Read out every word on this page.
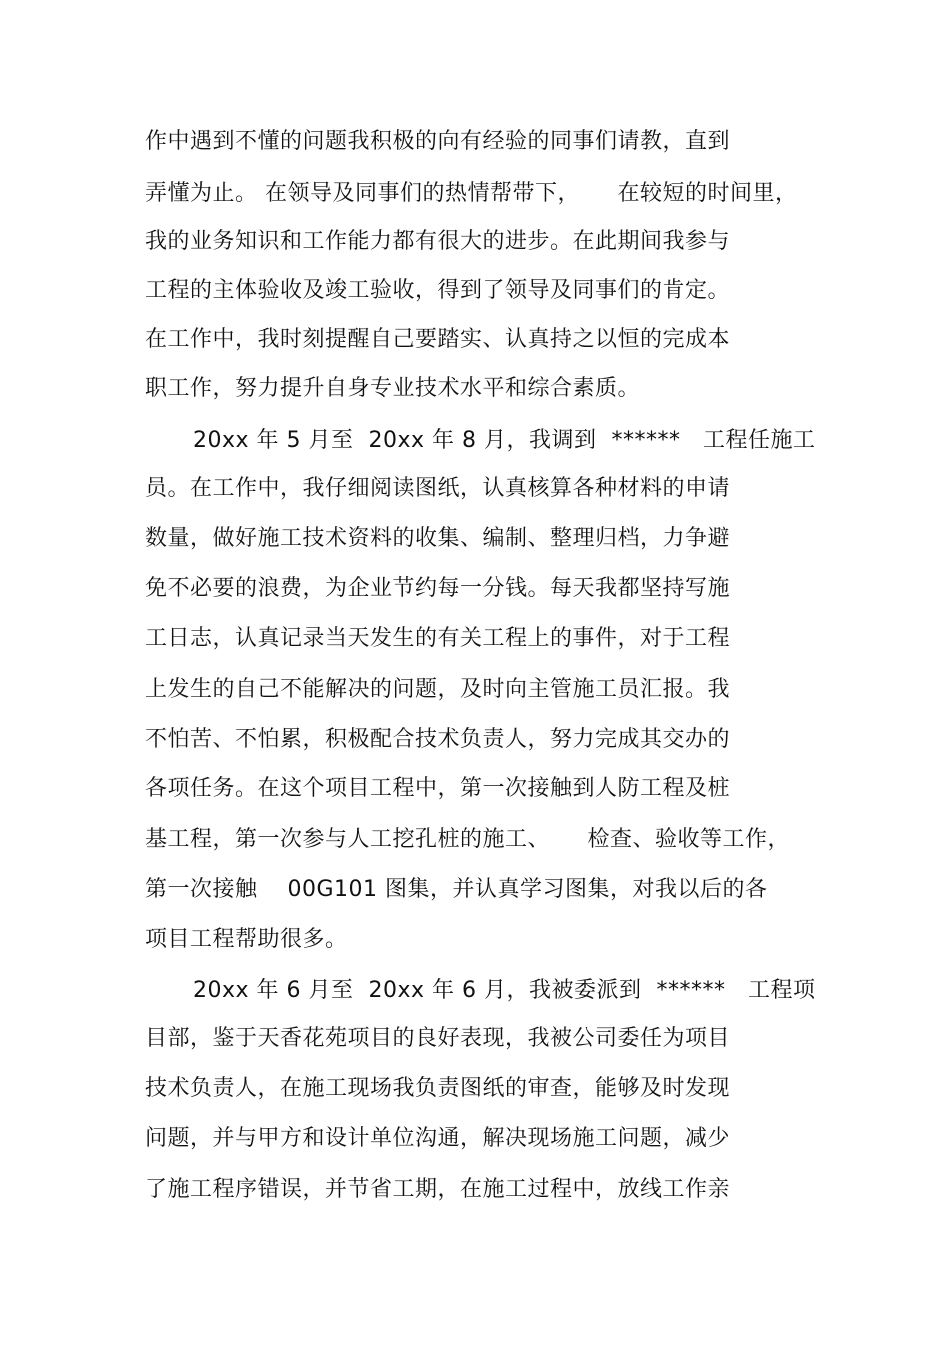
作中遇到不懂的问题我积极的向有经验的同事们请教，直到
弄懂为止。 在领导及同事们的热情帮带下，     在较短的时间里，
我的业务知识和工作能力都有很大的进步。在此期间我参与
工程的主体验收及竣工验收，得到了领导及同事们的肯定。
在工作中，我时刻提醒自己要踏实、认真持之以恒的完成本
职工作，努力提升自身专业技术水平和综合素质。
20xx 年 5 月至  20xx 年 8 月，我调到  ******   工程任施工
员。在工作中，我仔细阅读图纸，认真核算各种材料的申请
数量，做好施工技术资料的收集、编制、整理归档，力争避
免不必要的浪费，为企业节约每一分钱。每天我都坚持写施
工日志，认真记录当天发生的有关工程上的事件，对于工程
上发生的自己不能解决的问题，及时向主管施工员汇报。我
不怕苦、不怕累，积极配合技术负责人，努力完成其交办的
各项任务。在这个项目工程中，第一次接触到人防工程及桩
基工程，第一次参与人工挖孔桩的施工、     检查、验收等工作，
第一次接触    00G101 图集，并认真学习图集，对我以后的各
项目工程帮助很多。
20xx 年 6 月至  20xx 年 6 月，我被委派到  ******   工程项
目部，鉴于天香花苑项目的良好表现，我被公司委任为项目
技术负责人，在施工现场我负责图纸的审查，能够及时发现
问题，并与甲方和设计单位沟通，解决现场施工问题，减少
了施工程序错误，并节省工期，在施工过程中，放线工作亲
